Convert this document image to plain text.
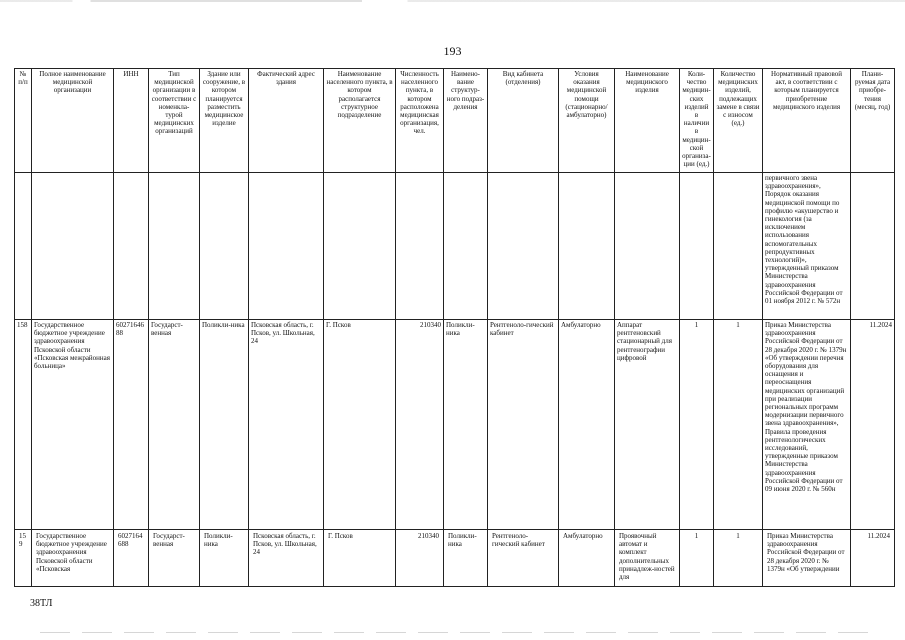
193
№ п/п	Полное наименование медицинской организации	ИНН	Тип медицинской организации в соответствии с номенкла-турой медицинских организаций	Здание или сооружение, в котором планируется разместить медицинское изделие	Фактический адрес здания	Наименование населенного пункта, в котором располагается структурное подразделение	Численность населенного пункта, в котором расположена медицинская организация, чел.	Наимено-вание структур-ного подраз-деления	Вид кабинета (отделения)	Условия оказания медицинской помощи (стационарно/ амбулаторно)	Наименование медицинского изделия	Коли-чество медицин-ских изделий в наличии в медицин-ской организа-ции (ед.)	Количество медицинских изделий, подлежащих замене в связи с износом (ед.)	Нормативный правовой акт, в соответствии с которым планируется приобретение медицинского изделия	Плани-руемая дата приобре-тения (месяц, год)
														первичного звена здравоохранения», Порядок оказания медицинской помощи по профилю «акушерство и гинекология (за исключением использования вспомогательных репродуктивных технологий)», утвержденный приказом Министерства здравоохранения Российской Федерации от 01 ноября 2012 г. № 572н	
158	Государственное бюджетное учреждение здравоохранения Псковской области «Псковская межрайонная больница»	6027164688	Государст-венная	Поликли-ника	Псковская область, г. Псков, ул. Школьная, 24	Г. Псков	210340	Поликли-ника	Рентгеноло-гический кабинет	Амбулаторно	Аппарат рентгеновский стационарный для рентгенографии цифровой	1	1	Приказ Министерства здравоохранения Российской Федерации от 28 декабря 2020 г. № 1379н «Об утверждении перечня оборудования для оснащения и переоснащения медицинских организаций при реализации региональных программ модернизации первичного звена здравоохранения», Правила проведения рентгенологических исследований, утвержденные приказом Министерства здравоохранения Российской Федерации от 09 июня 2020 г. № 560н	11.2024

159	Государственное бюджетное учреждение здравоохранения Псковской области «Псковская	6027164688	Государст-венная	Поликли-ника	Псковская область, г. Псков, ул. Школьная, 24	Г. Псков	210340	Поликли-ника	Рентгеноло-гический кабинет	Амбулаторно	Проявочный автомат и комплект дополнительных принадлеж-ностей для	1	1	Приказ Министерства здравоохранения Российской Федерации от 28 декабря 2020 г. № 1379н «Об утверждении	11.2024
38ТЛ
